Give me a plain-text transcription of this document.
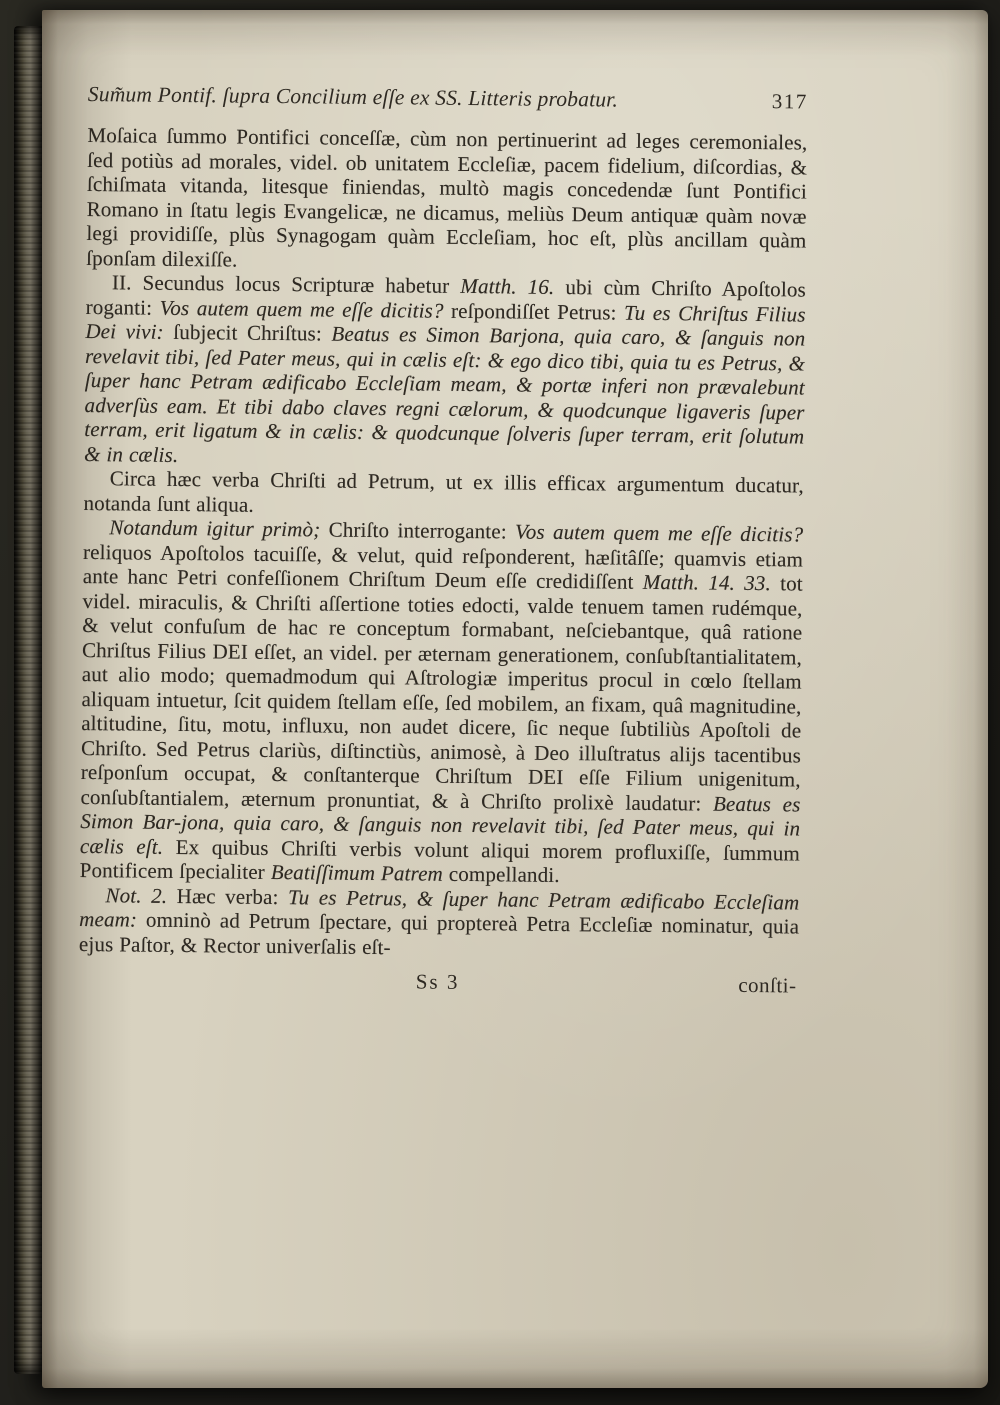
Sum̃um Pontif. ſupra Concilium eſſe ex SS. Litteris probatur.	317

Moſaica ſummo Pontifici conceſſæ, cùm non pertinuerint ad leges ceremoniales, ſed potiùs ad morales, videl. ob unitatem Eccleſiæ, pacem fidelium, diſcordias, & ſchiſmata vitanda, litesque finiendas, multò magis concedendæ ſunt Pontifici Romano in ſtatu legis Evangelicæ, ne dicamus, meliùs Deum antiquæ quàm novæ legi providiſſe, plùs Synagogam quàm Eccleſiam, hoc eſt, plùs ancillam quàm ſponſam dilexiſſe.

II. Secundus locus Scripturæ habetur Matth. 16. ubi cùm Chriſto Apoſtolos roganti: Vos autem quem me eſſe dicitis? reſpondiſſet Petrus: Tu es Chriſtus Filius Dei vivi: ſubjecit Chriſtus: Beatus es Simon Barjona, quia caro, & ſanguis non revelavit tibi, ſed Pater meus, qui in cælis eſt: & ego dico tibi, quia tu es Petrus, & ſuper hanc Petram ædificabo Eccleſiam meam, & portæ inferi non prævalebunt adverſùs eam. Et tibi dabo claves regni cælorum, & quodcunque ligaveris ſuper terram, erit ligatum & in cælis: & quodcunque ſolveris ſuper terram, erit ſolutum & in cælis.

Circa hæc verba Chriſti ad Petrum, ut ex illis efficax argumentum ducatur, notanda ſunt aliqua.

Notandum igitur primò; Chriſto interrogante: Vos autem quem me eſſe dicitis? reliquos Apoſtolos tacuiſſe, & velut, quid reſponderent, hæſitâſſe; quamvis etiam ante hanc Petri confeſſionem Chriſtum Deum eſſe credidiſſent Matth. 14. 33. tot videl. miraculis, & Chriſti aſſertione toties edocti, valde tenuem tamen rudémque, & velut confuſum de hac re conceptum formabant, neſciebantque, quâ ratione Chriſtus Filius DEI eſſet, an videl. per æternam generationem, conſubſtantialitatem, aut alio modo; quemadmodum qui Aſtrologiæ imperitus procul in cœlo ſtellam aliquam intuetur, ſcit quidem ſtellam eſſe, ſed mobilem, an fixam, quâ magnitudine, altitudine, ſitu, motu, influxu, non audet dicere, ſic neque ſubtiliùs Apoſtoli de Chriſto. Sed Petrus clariùs, diſtinctiùs, animosè, à Deo illuſtratus alijs tacentibus reſponſum occupat, & conſtanterque Chriſtum DEI eſſe Filium unigenitum, conſubſtantialem, æternum pronuntiat, & à Chriſto prolixè laudatur: Beatus es Simon Bar-jona, quia caro, & ſanguis non revelavit tibi, ſed Pater meus, qui in cælis eſt. Ex quibus Chriſti verbis volunt aliqui morem profluxiſſe, ſummum Pontificem ſpecialiter Beatiſſimum Patrem compellandi.

Not. 2. Hæc verba: Tu es Petrus, & ſuper hanc Petram ædificabo Eccleſiam meam: omninò ad Petrum ſpectare, qui proptereà Petra Eccleſiæ nominatur, quia ejus Paſtor, & Rector univerſalis eſt-

Ss 3	conſti-
